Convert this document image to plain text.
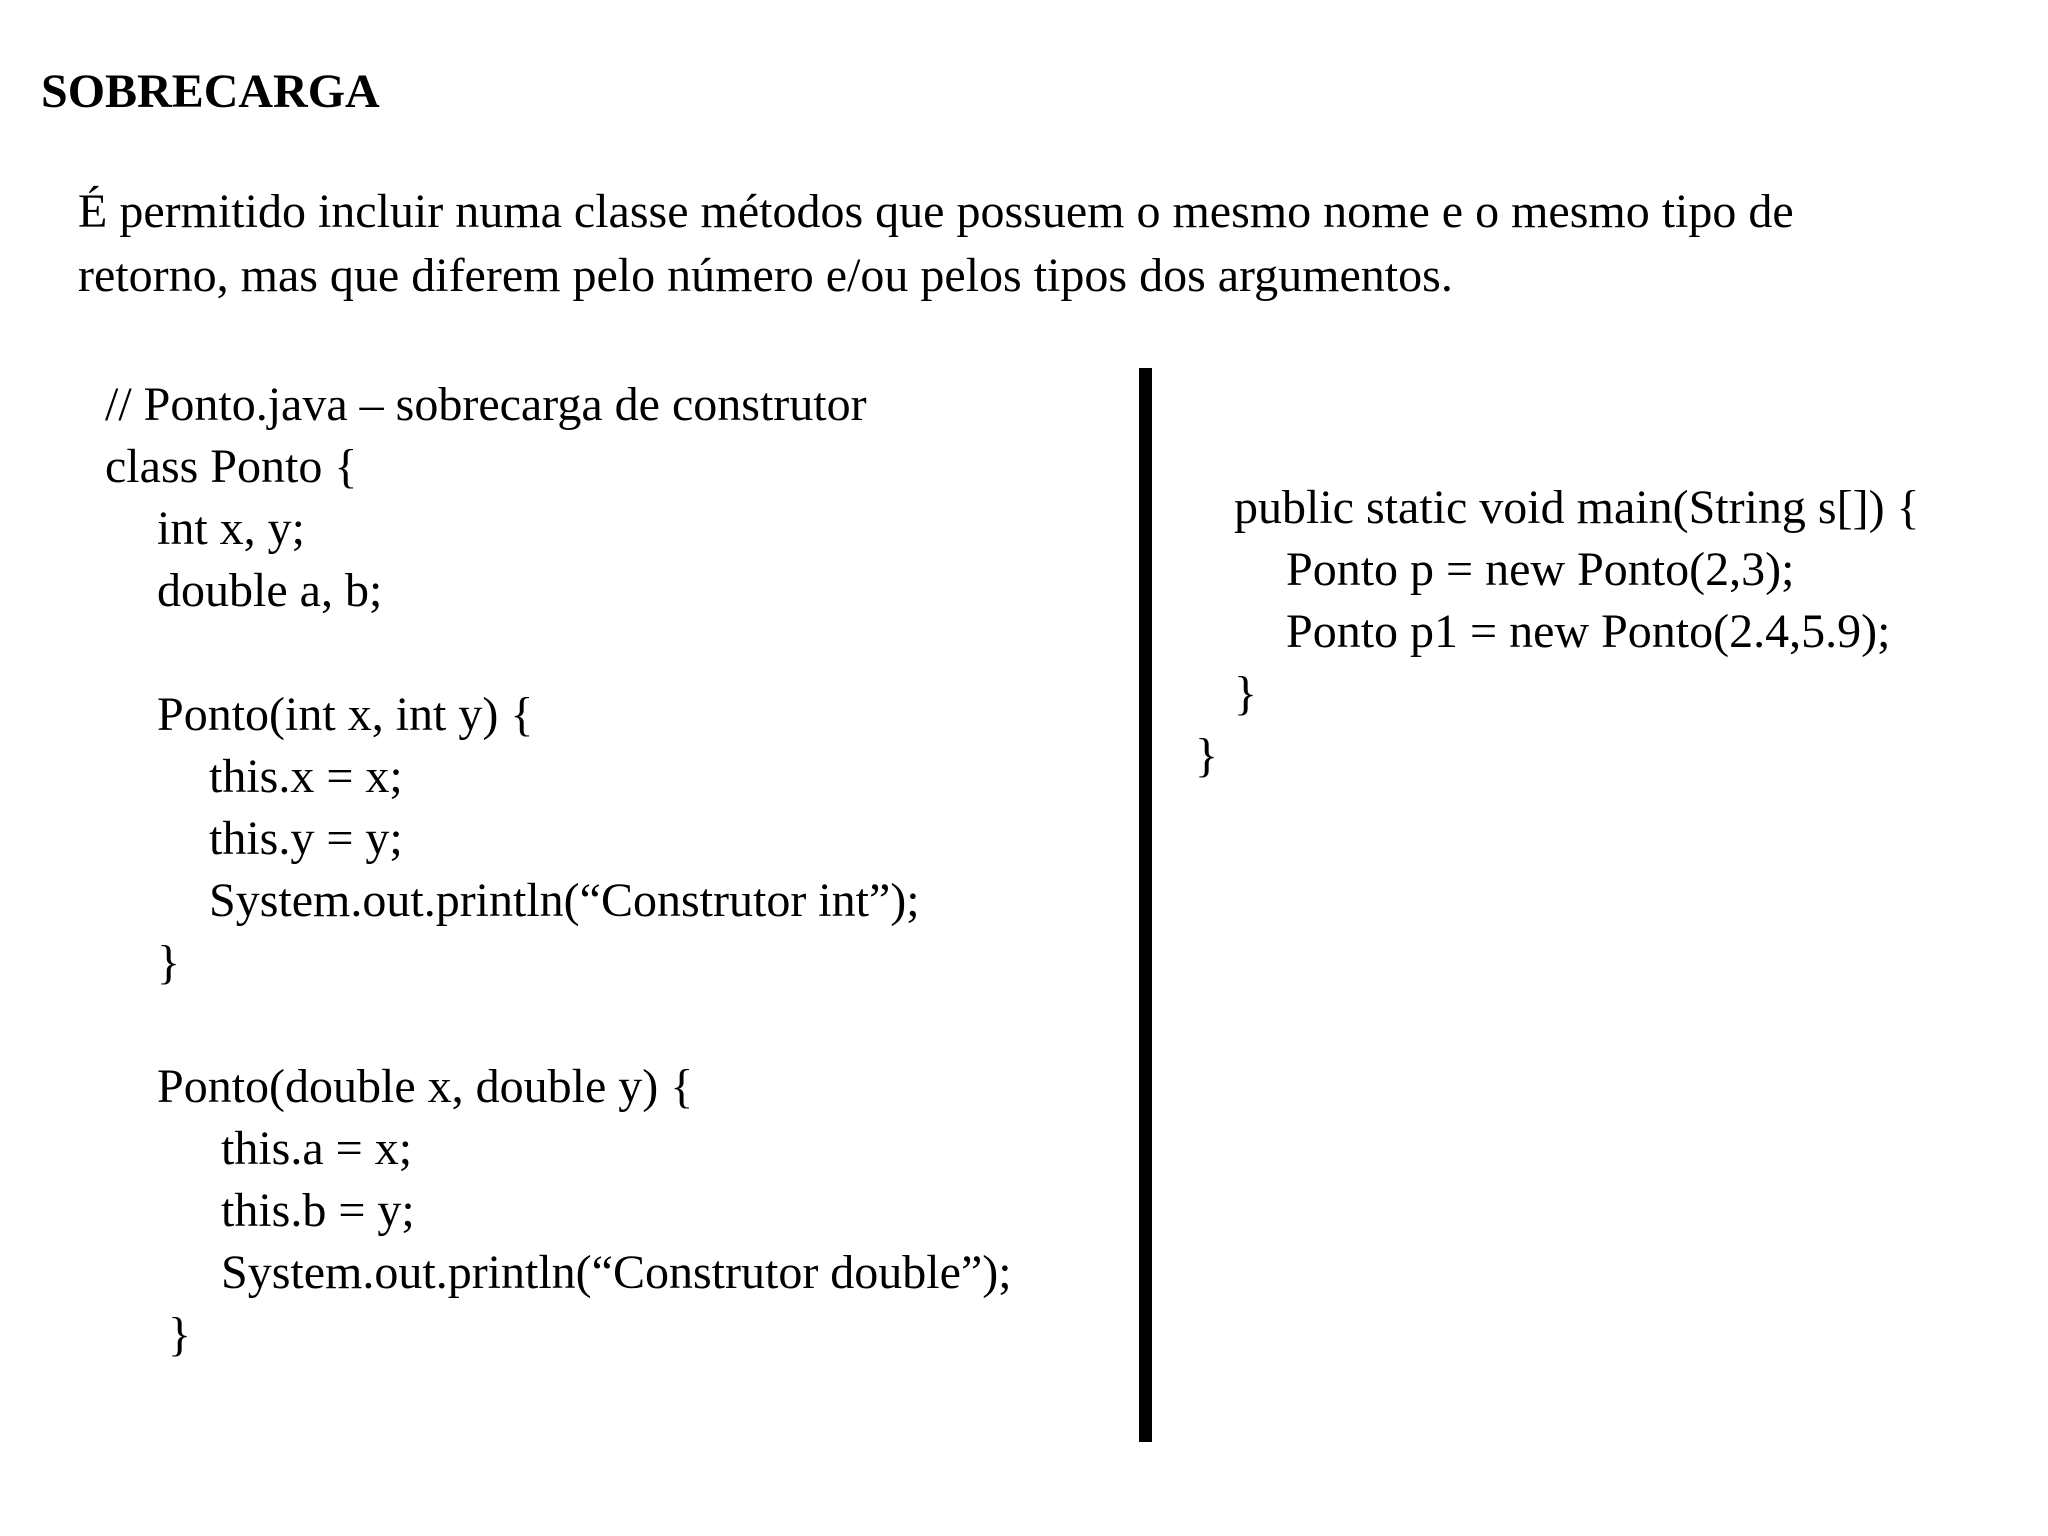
SOBRECARGA

É permitido incluir numa classe métodos que possuem o mesmo nome e o mesmo tipo de
retorno, mas que diferem pelo número e/ou pelos tipos dos argumentos.

// Ponto.java – sobrecarga de construtor

class Ponto {

int x, y;

double a, b;

Ponto(int x, int y) {

this.x = x;

this.y = y;

System.out.println(“Construtor int”);

}

Ponto(double x, double y) {

this.a = x;

this.b = y;

System.out.println(“Construtor double”);

}

public static void main(String s[]) {

Ponto p = new Ponto(2,3);

Ponto p1 = new Ponto(2.4,5.9);

}

}
